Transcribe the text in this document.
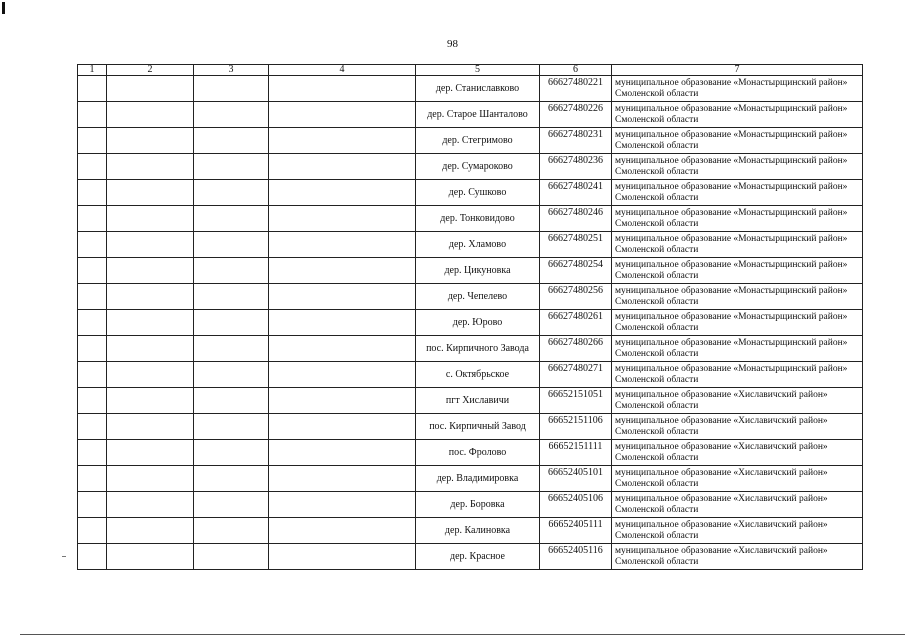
98
1	2	3	4	5	6	7
				дер. Станиславково	66627480221	муниципальное образование «Монастырщинский район» Смоленской области
				дер. Старое Шанталово	66627480226	муниципальное образование «Монастырщинский район» Смоленской области
				дер. Стегримово	66627480231	муниципальное образование «Монастырщинский район» Смоленской области
				дер. Сумароково	66627480236	муниципальное образование «Монастырщинский район» Смоленской области
				дер. Сушково	66627480241	муниципальное образование «Монастырщинский район» Смоленской области
				дер. Тонковидово	66627480246	муниципальное образование «Монастырщинский район» Смоленской области
				дер. Хламово	66627480251	муниципальное образование «Монастырщинский район» Смоленской области
				дер. Цикуновка	66627480254	муниципальное образование «Монастырщинский район» Смоленской области
				дер. Чепелево	66627480256	муниципальное образование «Монастырщинский район» Смоленской области
				дер. Юрово	66627480261	муниципальное образование «Монастырщинский район» Смоленской области
				пос. Кирпичного Завода	66627480266	муниципальное образование «Монастырщинский район» Смоленской области
				с. Октябрьское	66627480271	муниципальное образование «Монастырщинский район» Смоленской области
				пгт Хиславичи	66652151051	муниципальное образование «Хиславичский район» Смоленской области
				пос. Кирпичный Завод	66652151106	муниципальное образование «Хиславичский район» Смоленской области
				пос. Фролово	66652151111	муниципальное образование «Хиславичский район» Смоленской области
				дер. Владимировка	66652405101	муниципальное образование «Хиславичский район» Смоленской области
				дер. Боровка	66652405106	муниципальное образование «Хиславичский район» Смоленской области
				дер. Калиновка	66652405111	муниципальное образование «Хиславичский район» Смоленской области
				дер. Красное	66652405116	муниципальное образование «Хиславичский район» Смоленской области
